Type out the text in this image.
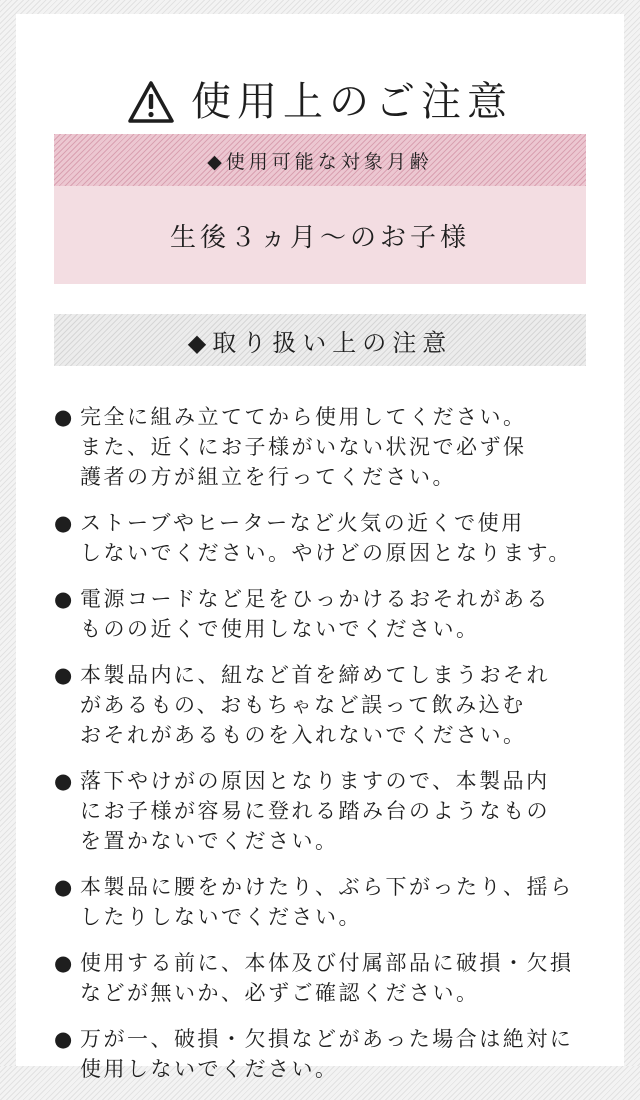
使用上のご注意
◆使用可能な対象月齢
生後３ヵ月〜のお子様
◆取り扱い上の注意
● 完全に組み立ててから使用してください。
また、近くにお子様がいない状況で必ず保
護者の方が組立を行ってください。
● ストーブやヒーターなど火気の近くで使用
しないでください。やけどの原因となります。
● 電源コードなど足をひっかけるおそれがある
ものの近くで使用しないでください。
● 本製品内に、紐など首を締めてしまうおそれ
があるもの、おもちゃなど誤って飲み込む
おそれがあるものを入れないでください。
● 落下やけがの原因となりますので、本製品内
にお子様が容易に登れる踏み台のようなもの
を置かないでください。
● 本製品に腰をかけたり、ぶら下がったり、揺ら
したりしないでください。
● 使用する前に、本体及び付属部品に破損・欠損
などが無いか、必ずご確認ください。
● 万が一、破損・欠損などがあった場合は絶対に
使用しないでください。
